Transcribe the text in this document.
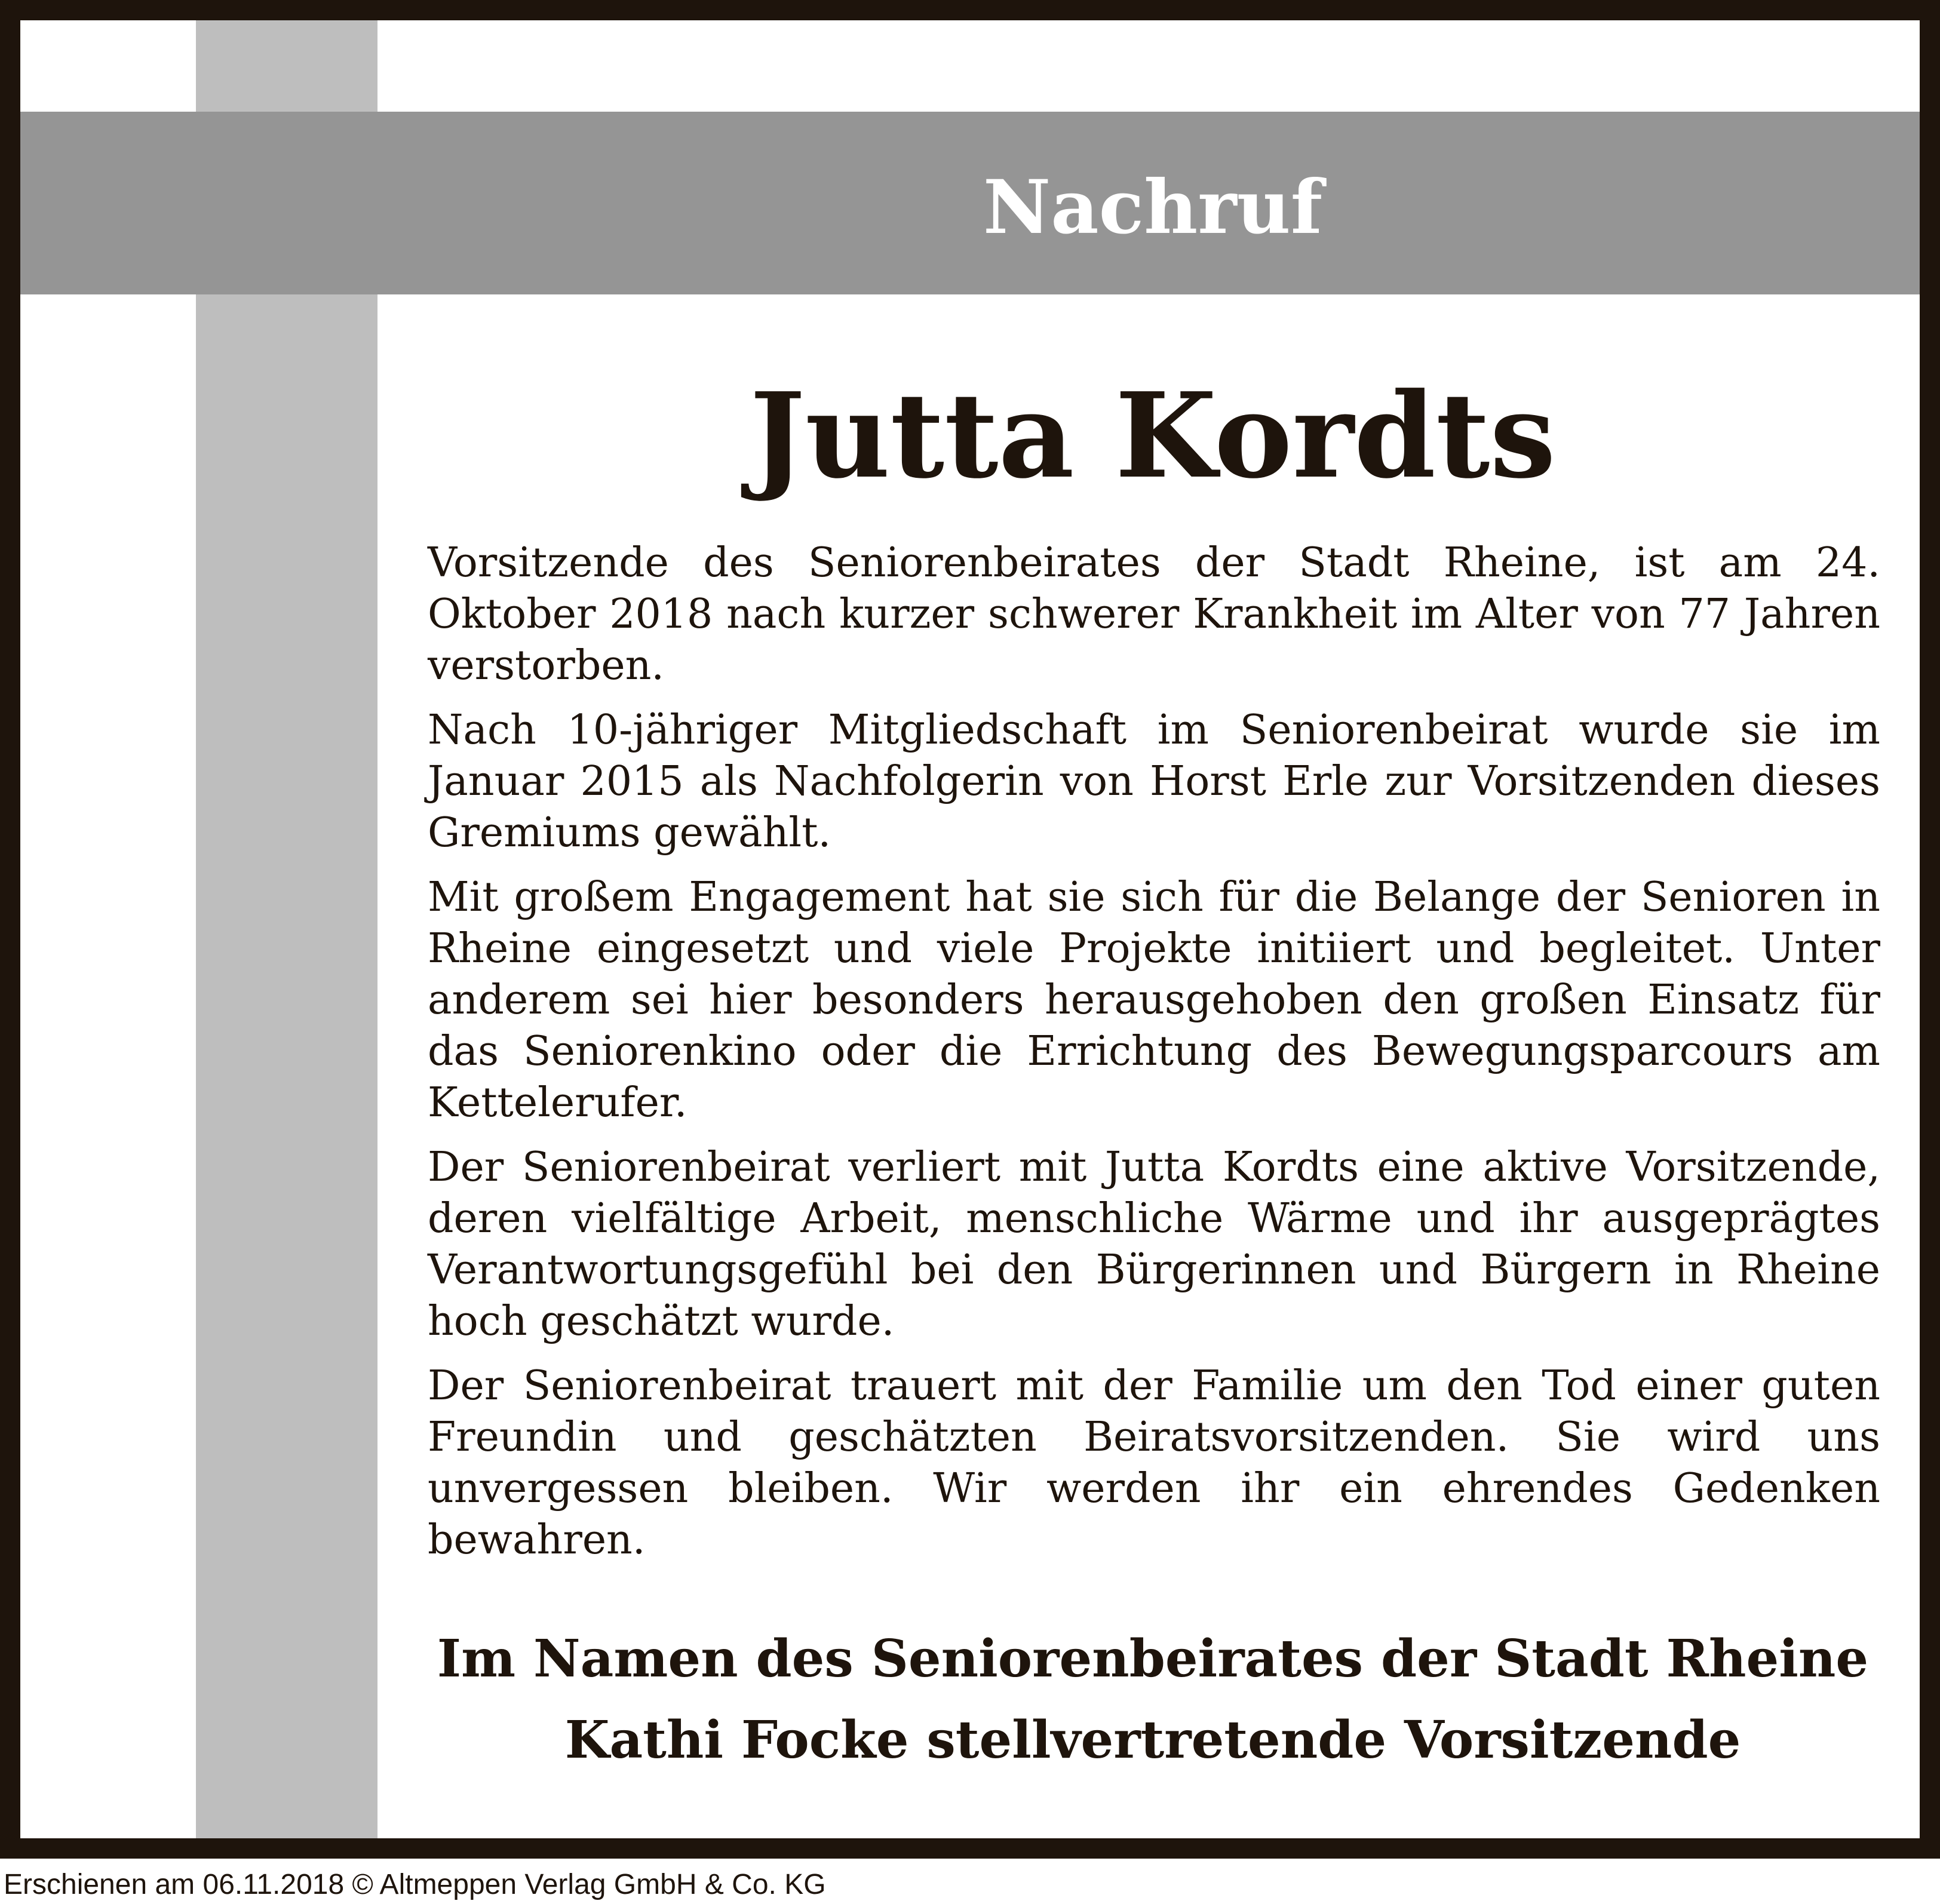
Nachruf
Jutta Kordts

Vorsitzende des Seniorenbeirates der Stadt Rheine, ist am 24. Oktober 2018 nach kurzer schwerer Krankheit im Alter von 77 Jahren verstorben.

Nach 10-jähriger Mitgliedschaft im Seniorenbeirat wurde sie im Januar 2015 als Nachfolgerin von Horst Erle zur Vorsitzenden dieses Gremiums gewählt.

Mit großem Engagement hat sie sich für die Belange der Senioren in Rheine eingesetzt und viele Projekte initiiert und begleitet. Unter anderem sei hier besonders herausgehoben den großen Einsatz für das Seniorenkino oder die Errichtung des Bewegungsparcours am Kettelerufer.

Der Seniorenbeirat verliert mit Jutta Kordts eine aktive Vorsitzende, deren vielfältige Arbeit, menschliche Wärme und ihr ausgeprägtes Verantwortungsgefühl bei den Bürgerinnen und Bürgern in Rheine hoch geschätzt wurde.

Der Seniorenbeirat trauert mit der Familie um den Tod einer guten Freundin und geschätzten Beiratsvorsitzenden. Sie wird uns unvergessen bleiben. Wir werden ihr ein ehrendes Gedenken bewahren.

Im Namen des Seniorenbeirates der Stadt Rheine
Kathi Focke stellvertretende Vorsitzende
Erschienen am 06.11.2018 © Altmeppen Verlag GmbH & Co. KG
